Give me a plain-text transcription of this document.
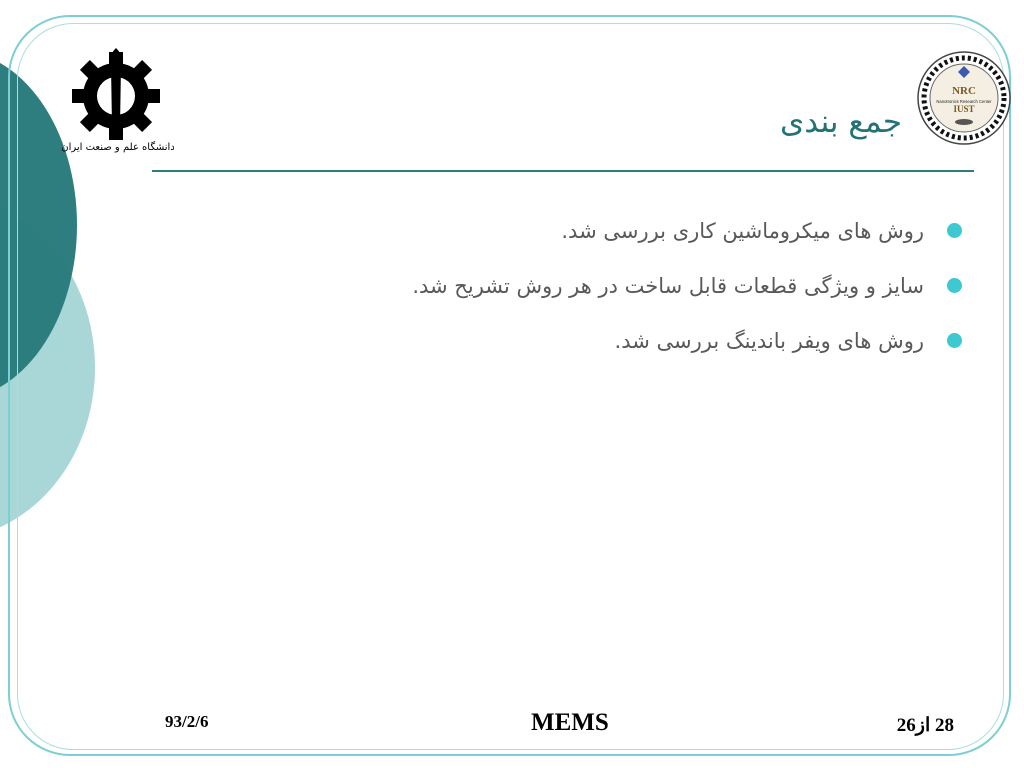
دانشگاه علم و صنعت ایران
NRC
Nanotronics Research Center
IUST
جمع بندی
روش های میکروماشین کاری بررسی شد.
سایز و ویژگی قطعات قابل ساخت در هر روش تشریح شد.
روش های ویفر باندینگ بررسی شد.
93/2/6	MEMS	28 از26
